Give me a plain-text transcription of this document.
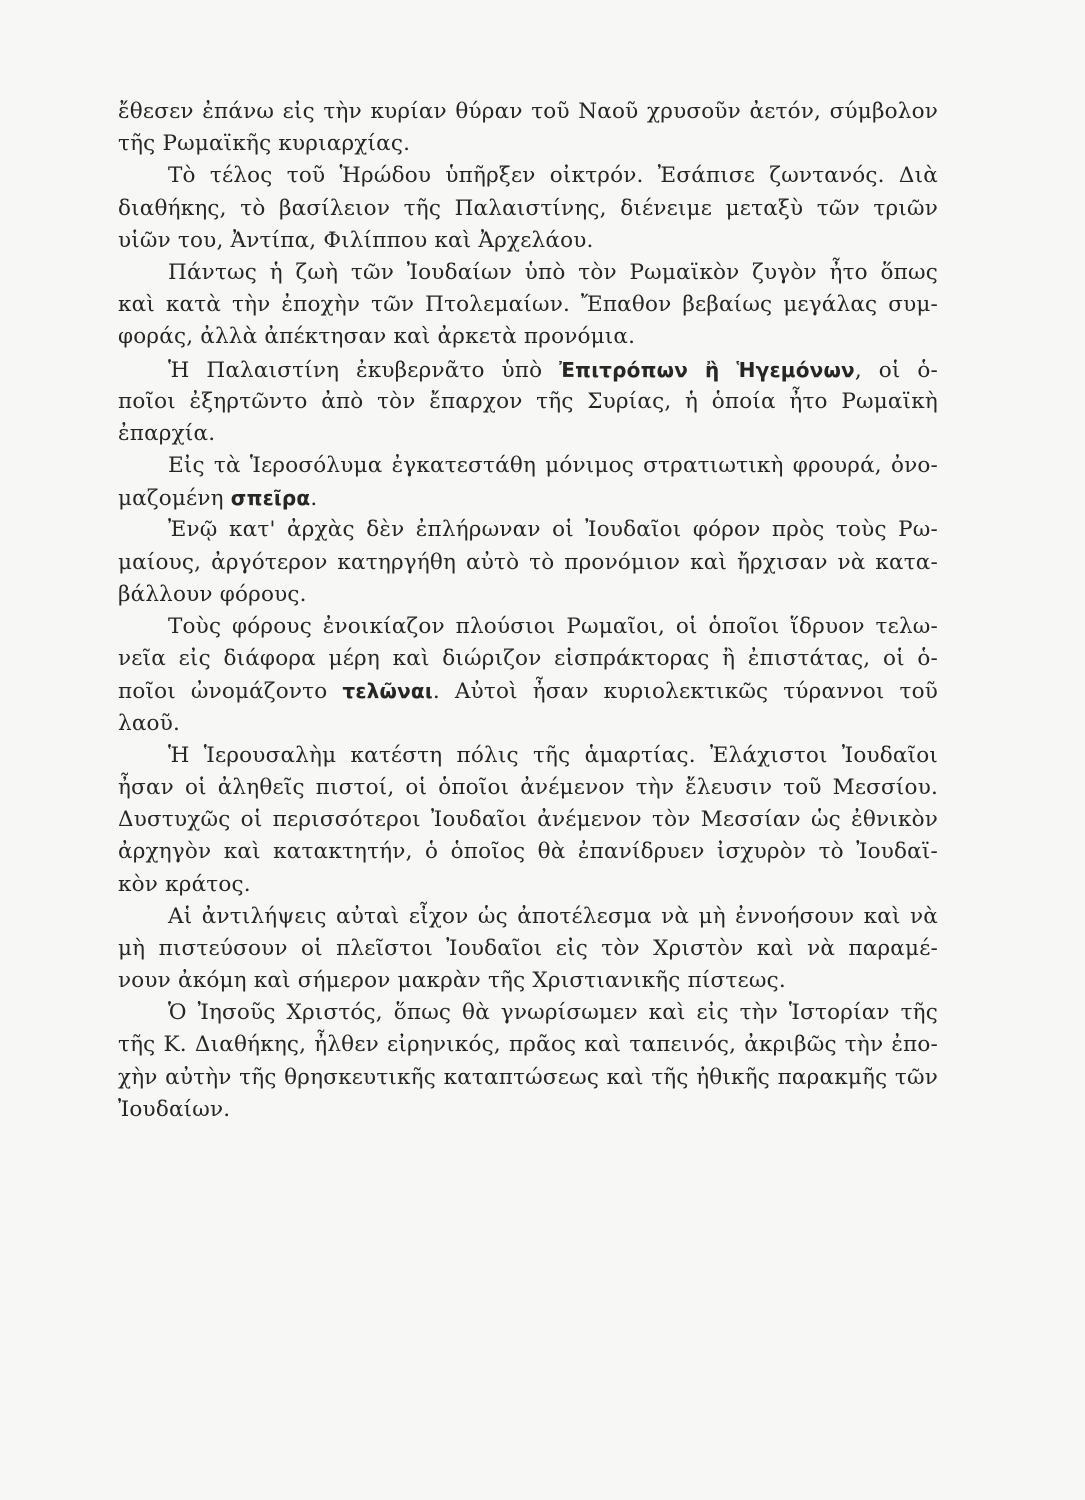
ἔθεσεν ἐπάνω εἰς τὴν κυρίαν θύραν τοῦ Ναοῦ χρυσοῦν ἀετόν, σύμβολον
τῆς Ρωμαϊκῆς κυριαρχίας.
Τὸ τέλος τοῦ Ἡρώδου ὑπῆρξεν οἰκτρόν. Ἐσάπισε ζωντανός. Διὰ
διαθήκης, τὸ βασίλειον τῆς Παλαιστίνης, διένειμε μεταξὺ τῶν τριῶν
υἱῶν του, Ἀντίπα, Φιλίππου καὶ Ἀρχελάου.
Πάντως ἡ ζωὴ τῶν Ἰουδαίων ὑπὸ τὸν Ρωμαϊκὸν ζυγὸν ἦτο ὅπως
καὶ κατὰ τὴν ἐποχὴν τῶν Πτολεμαίων. Ἔπαθον βεβαίως μεγάλας συμ-
φοράς, ἀλλὰ ἀπέκτησαν καὶ ἀρκετὰ προνόμια.
Ἡ Παλαιστίνη ἐκυβερνᾶτο ὑπὸ Ἐπιτρόπων ἢ Ἡγεμόνων, οἱ ὁ-
ποῖοι ἐξηρτῶντο ἀπὸ τὸν ἔπαρχον τῆς Συρίας, ἡ ὁποία ἦτο Ρωμαϊκὴ
ἐπαρχία.
Εἰς τὰ Ἱεροσόλυμα ἐγκατεστάθη μόνιμος στρατιωτικὴ φρουρά, ὀνο-
μαζομένη σπεῖρα.
Ἐνῷ κατ' ἀρχὰς δὲν ἐπλήρωναν οἱ Ἰουδαῖοι φόρον πρὸς τοὺς Ρω-
μαίους, ἀργότερον κατηργήθη αὐτὸ τὸ προνόμιον καὶ ἤρχισαν νὰ κατα-
βάλλουν φόρους.
Τοὺς φόρους ἐνοικίαζον πλούσιοι Ρωμαῖοι, οἱ ὁποῖοι ἵδρυον τελω-
νεῖα εἰς διάφορα μέρη καὶ διώριζον εἰσπράκτορας ἢ ἐπιστάτας, οἱ ὁ-
ποῖοι ὠνομάζοντο τελῶναι. Αὐτοὶ ἦσαν κυριολεκτικῶς τύραννοι τοῦ
λαοῦ.
Ἡ Ἱερουσαλὴμ κατέστη πόλις τῆς ἁμαρτίας. Ἐλάχιστοι Ἰουδαῖοι
ἦσαν οἱ ἀληθεῖς πιστοί, οἱ ὁποῖοι ἀνέμενον τὴν ἔλευσιν τοῦ Μεσσίου.
Δυστυχῶς οἱ περισσότεροι Ἰουδαῖοι ἀνέμενον τὸν Μεσσίαν ὡς ἐθνικὸν
ἀρχηγὸν καὶ κατακτητήν, ὁ ὁποῖος θὰ ἐπανίδρυεν ἰσχυρὸν τὸ Ἰουδαϊ-
κὸν κράτος.
Αἱ ἀντιλήψεις αὐταὶ εἶχον ὡς ἀποτέλεσμα νὰ μὴ ἐννοήσουν καὶ νὰ
μὴ πιστεύσουν οἱ πλεῖστοι Ἰουδαῖοι εἰς τὸν Χριστὸν καὶ νὰ παραμέ-
νουν ἀκόμη καὶ σήμερον μακρὰν τῆς Χριστιανικῆς πίστεως.
Ὁ Ἰησοῦς Χριστός, ὅπως θὰ γνωρίσωμεν καὶ εἰς τὴν Ἱστορίαν τῆς
τῆς Κ. Διαθήκης, ἦλθεν εἰρηνικός, πρᾶος καὶ ταπεινός, ἀκριβῶς τὴν ἐπο-
χὴν αὐτὴν τῆς θρησκευτικῆς καταπτώσεως καὶ τῆς ἠθικῆς παρακμῆς τῶν
Ἰουδαίων.
